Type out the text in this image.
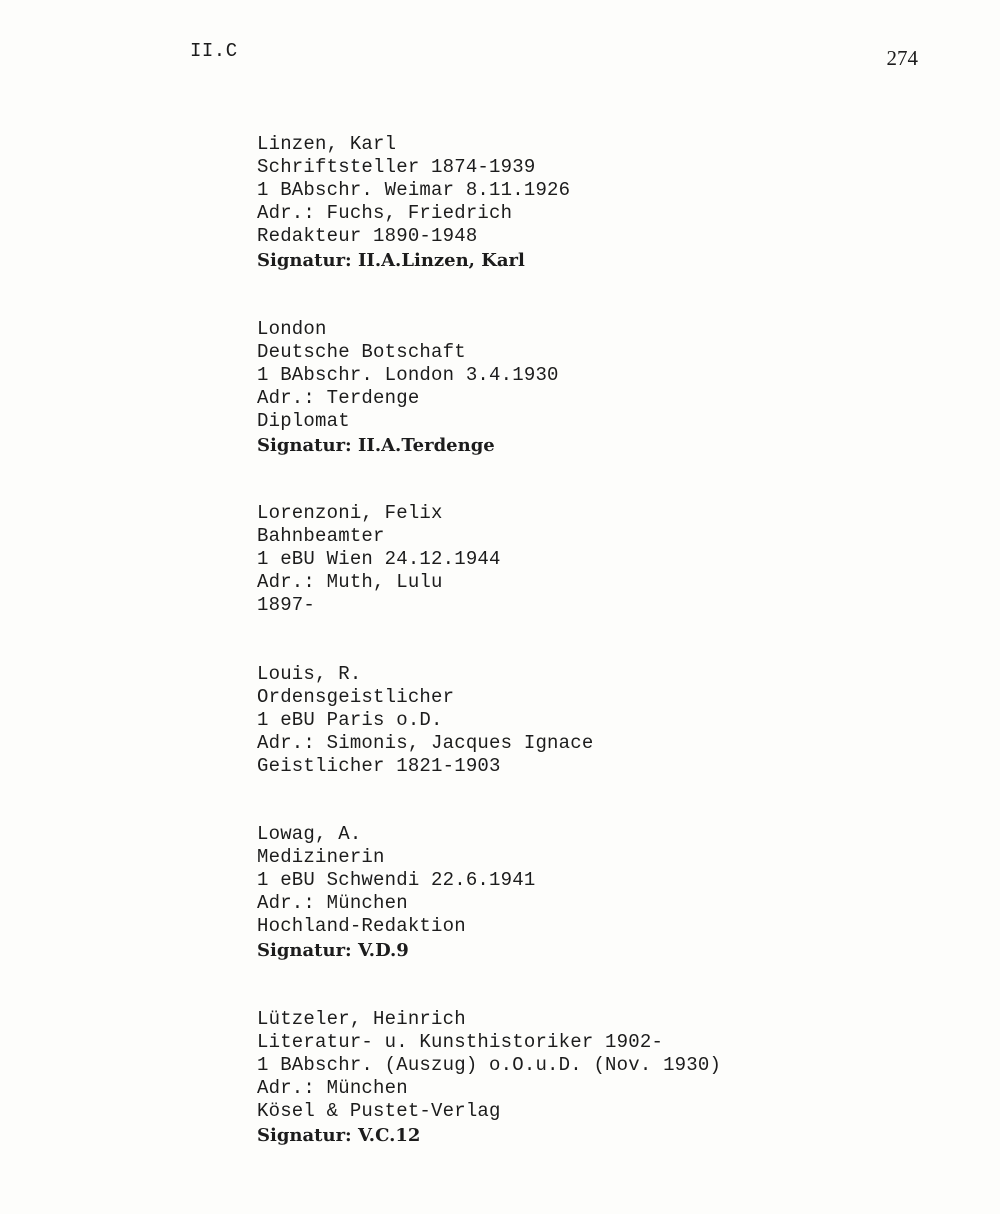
II.C	274
Linzen, Karl
Schriftsteller 1874-1939
1 BAbschr. Weimar 8.11.1926
Adr.: Fuchs, Friedrich
Redakteur 1890-1948
Signatur: II.A.Linzen, Karl
London
Deutsche Botschaft
1 BAbschr. London 3.4.1930
Adr.: Terdenge
Diplomat
Signatur: II.A.Terdenge
Lorenzoni, Felix
Bahnbeamter
1 eBU Wien 24.12.1944
Adr.: Muth, Lulu
1897-
Louis, R.
Ordensgeistlicher
1 eBU Paris o.D.
Adr.: Simonis, Jacques Ignace
Geistlicher 1821-1903
Lowag, A.
Medizinerin
1 eBU Schwendi 22.6.1941
Adr.: München
Hochland-Redaktion
Signatur: V.D.9
Lützeler, Heinrich
Literatur- u. Kunsthistoriker 1902-
1 BAbschr. (Auszug) o.O.u.D. (Nov. 1930)
Adr.: München
Kösel & Pustet-Verlag
Signatur: V.C.12
